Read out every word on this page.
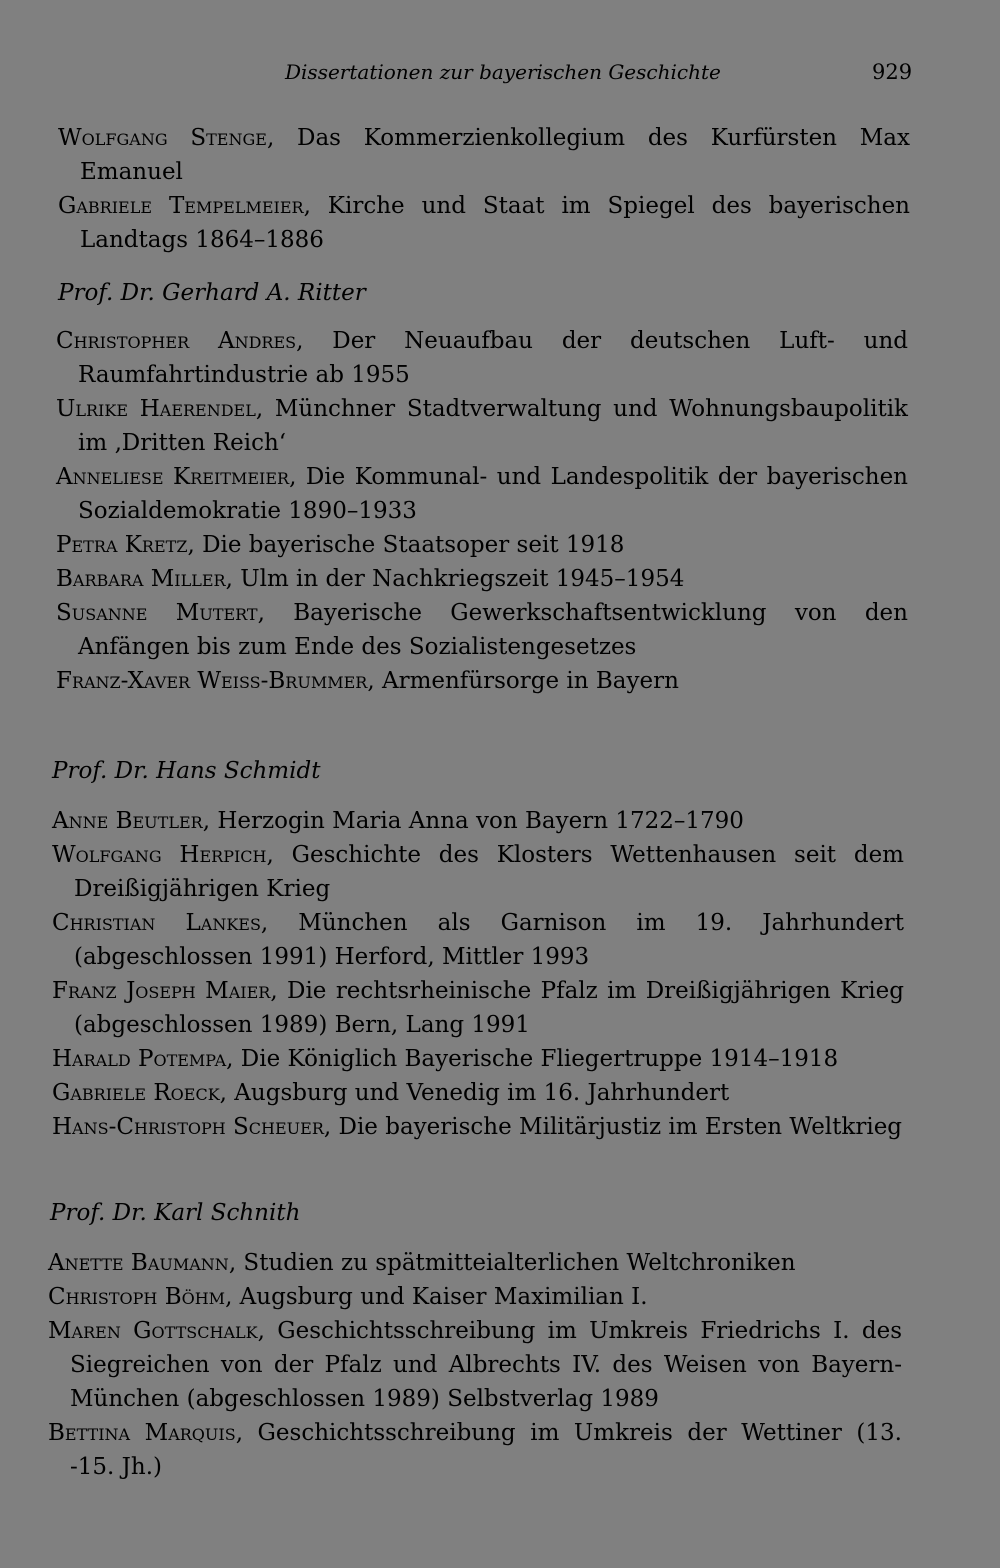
Dissertationen zur bayerischen Geschichte	929

Wolfgang Stenge, Das Kommerzienkollegium des Kurfürsten Max Emanuel

Gabriele Tempelmeier, Kirche und Staat im Spiegel des bayerischen Landtags 1864–1886

Prof. Dr. Gerhard A. Ritter

Christopher Andres, Der Neuaufbau der deutschen Luft- und Raumfahrtindustrie ab 1955

Ulrike Haerendel, Münchner Stadtverwaltung und Wohnungsbaupolitik im ‚Dritten Reich‘

Anneliese Kreitmeier, Die Kommunal- und Landespolitik der bayerischen Sozialdemokratie 1890–1933

Petra Kretz, Die bayerische Staatsoper seit 1918

Barbara Miller, Ulm in der Nachkriegszeit 1945–1954

Susanne Mutert, Bayerische Gewerkschaftsentwicklung von den Anfängen bis zum Ende des Sozialistengesetzes

Franz-Xaver Weiss-Brummer, Armenfürsorge in Bayern

Prof. Dr. Hans Schmidt

Anne Beutler, Herzogin Maria Anna von Bayern 1722–1790

Wolfgang Herpich, Geschichte des Klosters Wettenhausen seit dem Dreißigjährigen Krieg

Christian Lankes, München als Garnison im 19. Jahrhundert (abgeschlossen 1991) Herford, Mittler 1993

Franz Joseph Maier, Die rechtsrheinische Pfalz im Dreißigjährigen Krieg (abgeschlossen 1989) Bern, Lang 1991

Harald Potempa, Die Königlich Bayerische Fliegertruppe 1914–1918

Gabriele Roeck, Augsburg und Venedig im 16. Jahrhundert

Hans-Christoph Scheuer, Die bayerische Militärjustiz im Ersten Weltkrieg

Prof. Dr. Karl Schnith

Anette Baumann, Studien zu spätmitteialterlichen Weltchroniken

Christoph Böhm, Augsburg und Kaiser Maximilian I.

Maren Gottschalk, Geschichtsschreibung im Umkreis Friedrichs I. des Siegreichen von der Pfalz und Albrechts IV. des Weisen von Bayern-München (abgeschlossen 1989) Selbstverlag 1989

Bettina Marquis, Geschichtsschreibung im Umkreis der Wettiner (13. -15. Jh.)
